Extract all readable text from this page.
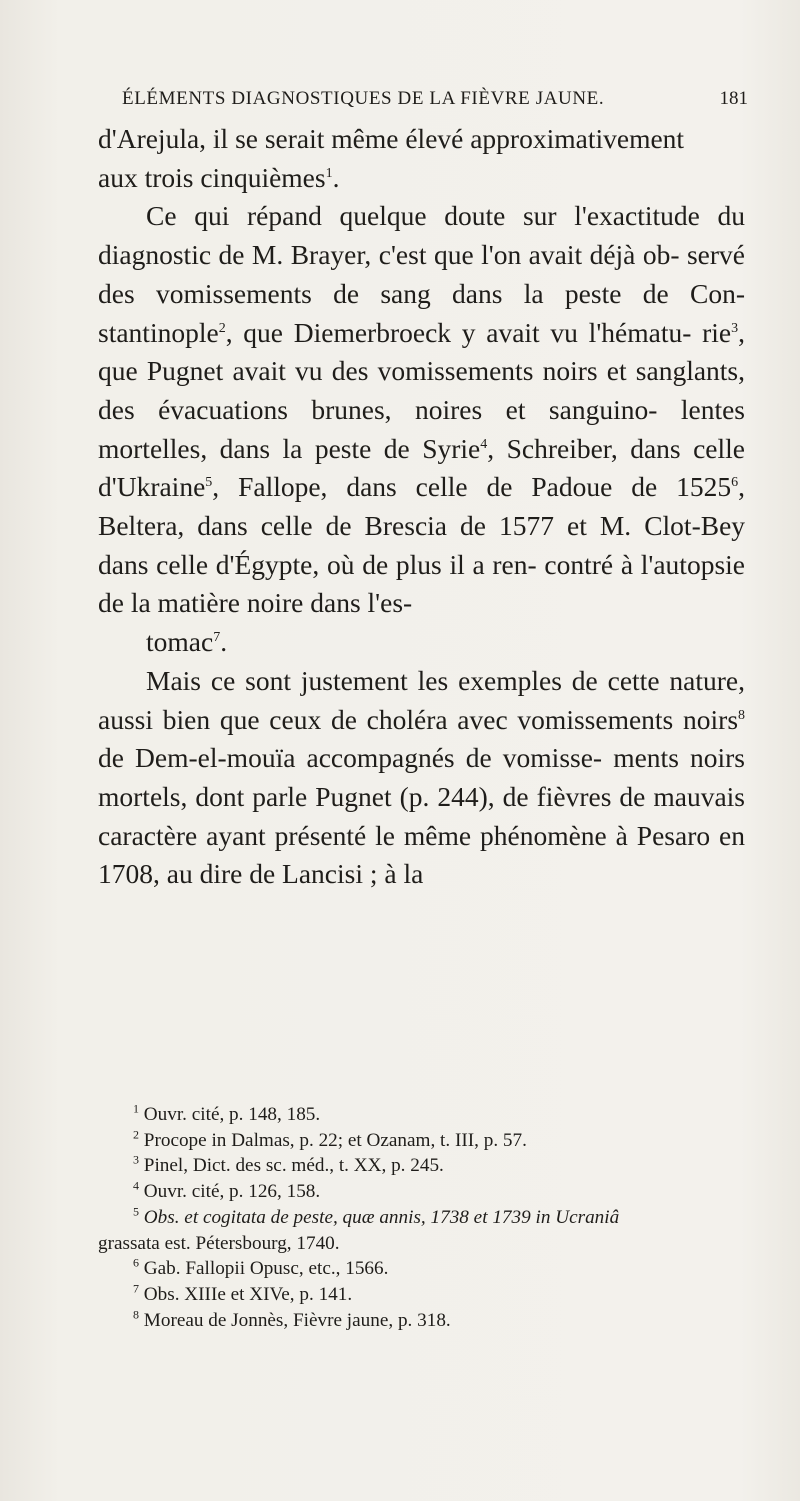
ÉLÉMENTS DIAGNOSTIQUES DE LA FIÈVRE JAUNE.	181

d'Arejula, il se serait même élevé approximativement
aux trois cinquièmes$^1$.

Ce qui répand quelque doute sur l'exactitude du diagnostic de M. Brayer, c'est que l'on avait déjà ob- servé des vomissements de sang dans la peste de Con- stantinople$^2$, que Diemerbroeck y avait vu l'hématu- rie$^3$, que Pugnet avait vu des vomissements noirs et sanglants, des évacuations brunes, noires et sanguino- lentes mortelles, dans la peste de Syrie$^4$, Schreiber, dans celle d'Ukraine$^5$, Fallope, dans celle de Padoue de 1525$^6$, Beltera, dans celle de Brescia de 1577 et M. Clot-Bey dans celle d'Égypte, où de plus il a ren- contré à l'autopsie de la matière noire dans l'es-
tomac$^7$.

Mais ce sont justement les exemples de cette nature, aussi bien que ceux de choléra avec vomissements noirs$^8$ de Dem-el-mouïa accompagnés de vomisse- ments noirs mortels, dont parle Pugnet (p. 244), de fièvres de mauvais caractère ayant présenté le même phénomène à Pesaro en 1708, au dire de Lancisi ; à la

$^1$ Ouvr. cité, p. 148, 185.
$^2$ Procope in Dalmas, p. 22; et Ozanam, t. III, p. 57.
$^3$ Pinel, Dict. des sc. méd., t. XX, p. 245.
$^4$ Ouvr. cité, p. 126, 158.
$^5$ Obs. et cogitata de peste, quæ annis, 1738 et 1739 in Ucraniâ
grassata est. Pétersbourg, 1740.
$^6$ Gab. Fallopii Opusc, etc., 1566.
$^7$ Obs. XIIIe et XIVe, p. 141.
$^8$ Moreau de Jonnès, Fièvre jaune, p. 318.
